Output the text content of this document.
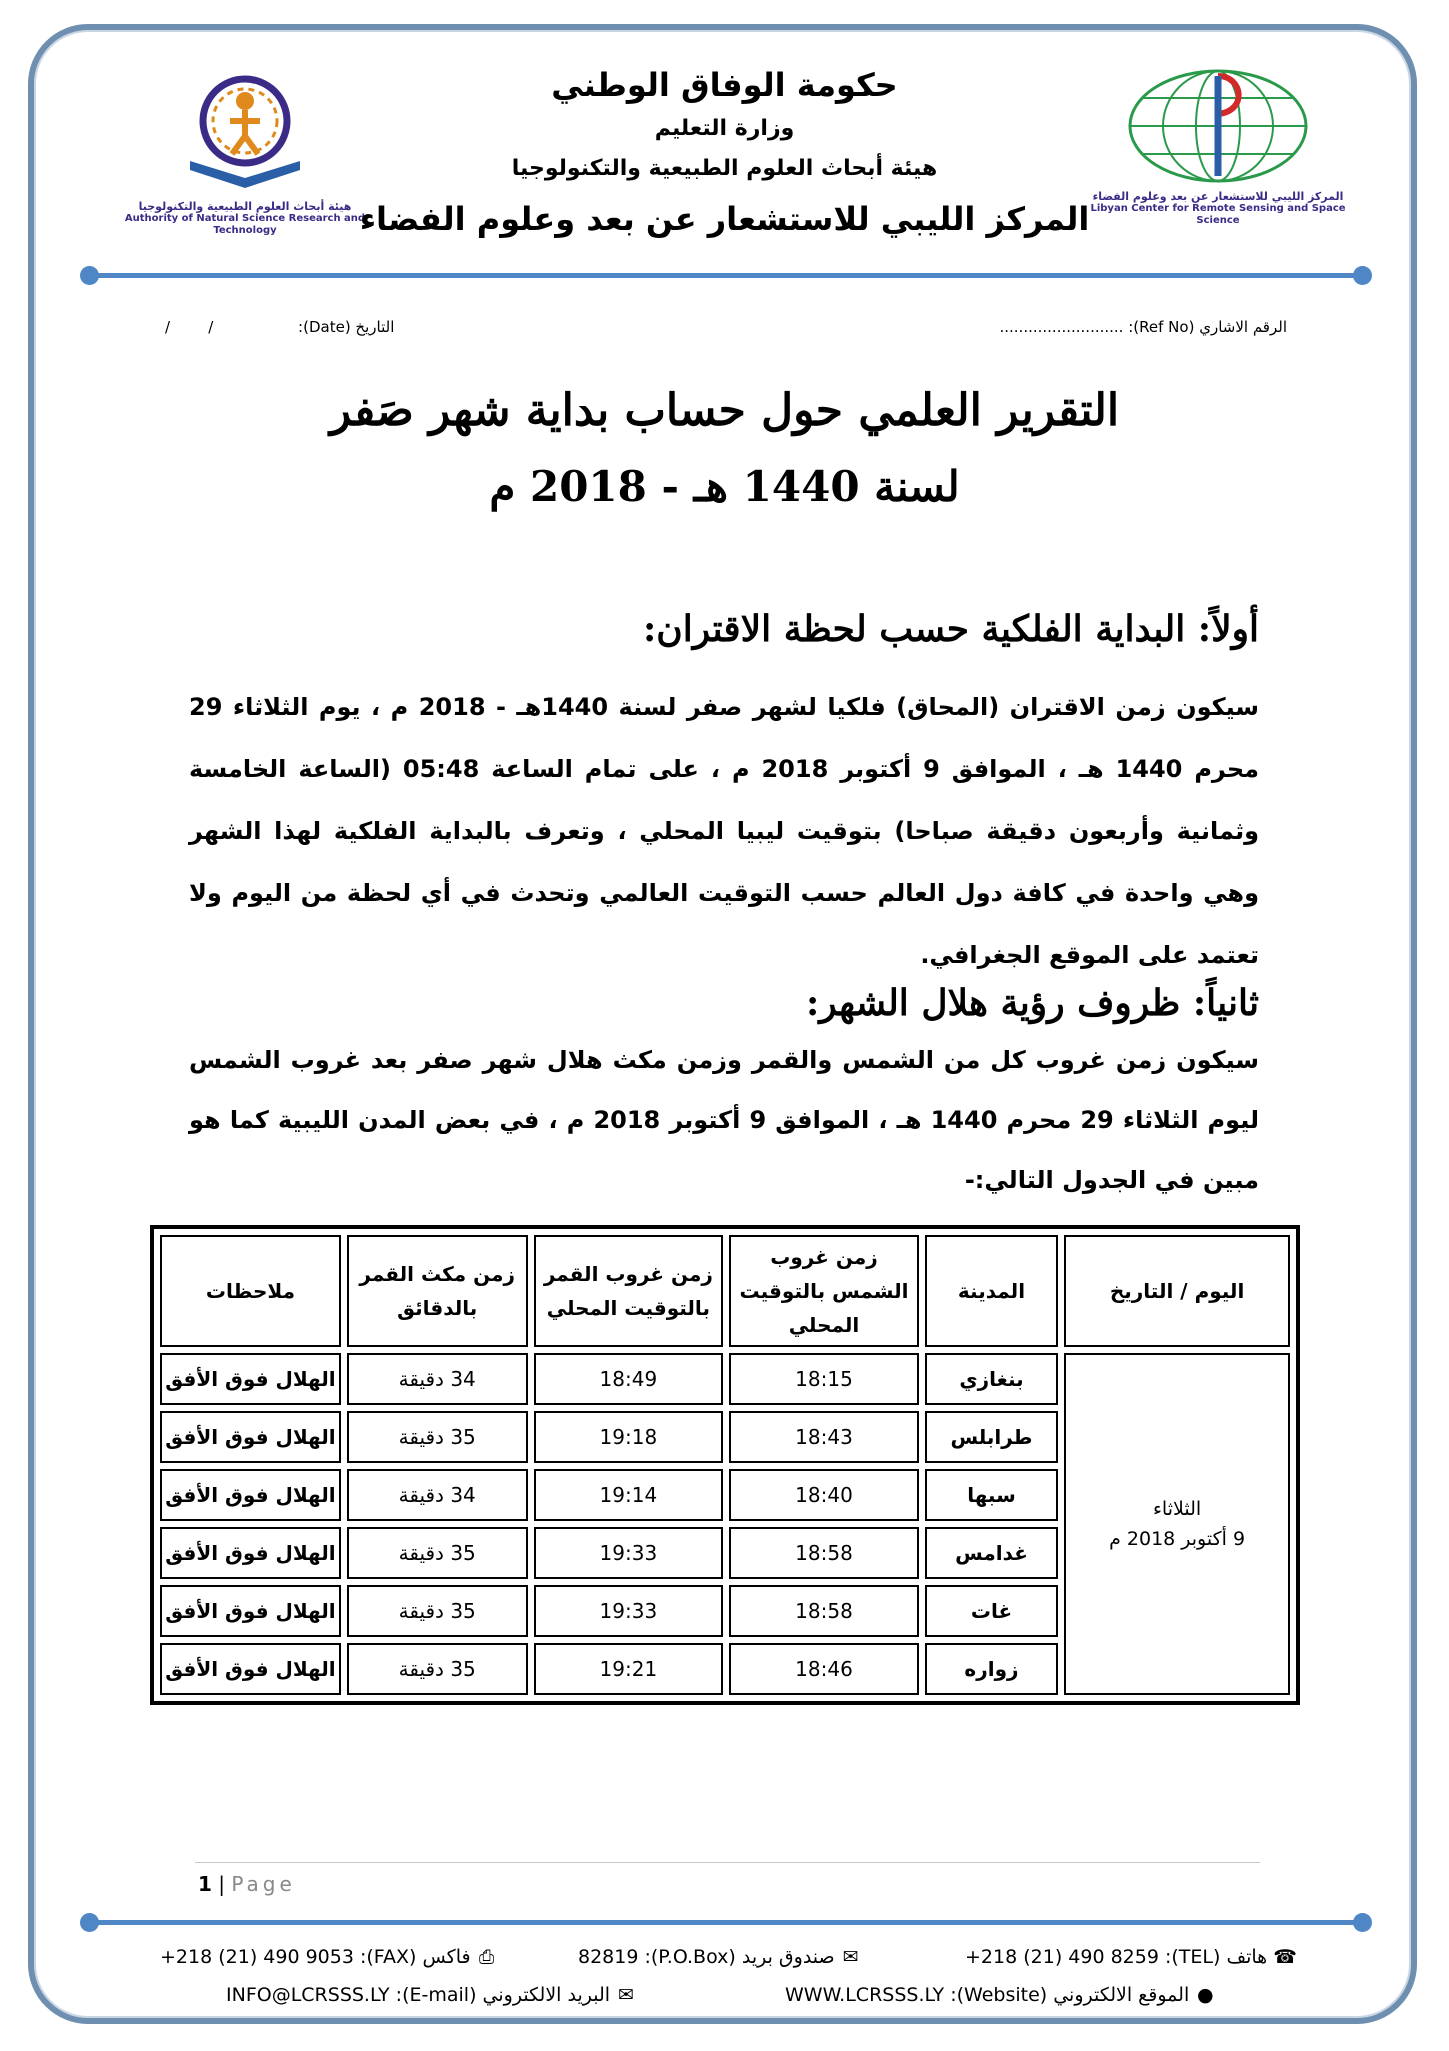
هيئة أبحاث العلوم الطبيعية والتكنولوجيا
Authority of Natural Science Research and Technology
المركز الليبي للاستشعار عن بعد وعلوم الفضاء
Libyan Center for Remote Sensing and Space Science
حكومة الوفاق الوطني
وزارة التعليم
هيئة أبحاث العلوم الطبيعية والتكنولوجيا
المركز الليبي للاستشعار عن بعد وعلوم الفضاء
الرقم الاشاري (Ref No): ..........................
/        /	التاريخ (Date):
التقرير العلمي حول حساب بداية شهر صَفر
لسنة 1440 هـ - 2018 م
أولاً: البداية الفلكية حسب لحظة الاقتران:
سيكون زمن الاقتران (المحاق) فلكيا لشهر صفر لسنة 1440هـ - 2018 م ، يوم الثلاثاء 29 محرم 1440 هـ ، الموافق 9 أكتوبر 2018 م ، على تمام الساعة 05:48 (الساعة الخامسة وثمانية وأربعون دقيقة صباحا) بتوقيت ليبيا المحلي ، وتعرف بالبداية الفلكية لهذا الشهر وهي واحدة في كافة دول العالم حسب التوقيت العالمي وتحدث في أي لحظة من اليوم ولا تعتمد على الموقع الجغرافي.
ثانياً: ظروف رؤية هلال الشهر:
سيكون زمن غروب كل من الشمس والقمر وزمن مكث هلال شهر صفر بعد غروب الشمس ليوم الثلاثاء 29 محرم 1440 هـ ، الموافق 9 أكتوبر 2018 م ، في بعض المدن الليبية كما هو مبين في الجدول التالي:-
اليوم / التاريخ	المدينة	زمن غروب الشمس بالتوقيت المحلي	زمن غروب القمر بالتوقيت المحلي	زمن مكث القمر بالدقائق	ملاحظات
الثلاثاء
9 أكتوبر 2018 م	بنغازي	18:15	18:49	34 دقيقة	الهلال فوق الأفق
	طرابلس	18:43	19:18	35 دقيقة	الهلال فوق الأفق
	سبها	18:40	19:14	34 دقيقة	الهلال فوق الأفق
	غدامس	18:58	19:33	35 دقيقة	الهلال فوق الأفق
	غات	18:58	19:33	35 دقيقة	الهلال فوق الأفق
	زواره	18:46	19:21	35 دقيقة	الهلال فوق الأفق
1 | Page
+218 (21) 490 9053 :(FAX) فاكس ⎙	82819 :(P.O.Box) صندوق بريد ✉	+218 (21) 490 8259 :(TEL) هاتف ☎
INFO@LCRSSS.LY :(E-mail) البريد الالكتروني ✉	WWW.LCRSSS.LY :(Website) الموقع الالكتروني ●
